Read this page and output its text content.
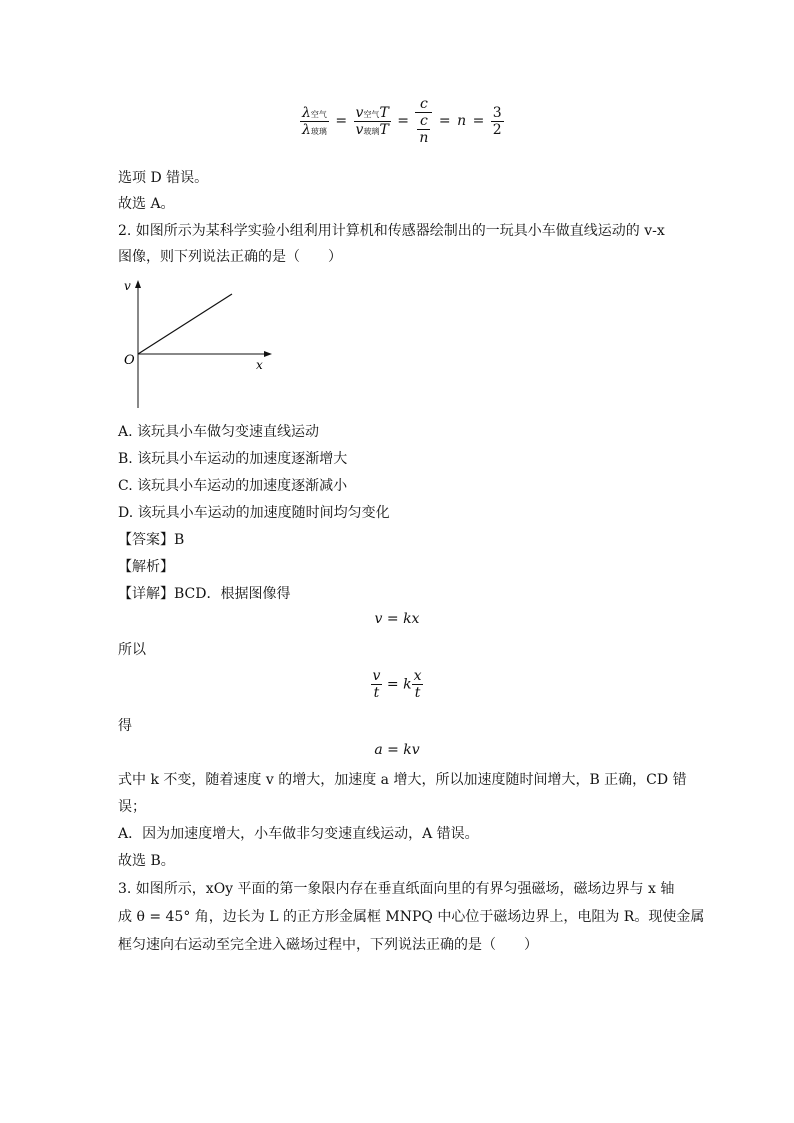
$\frac{\text{λ空气}}{\text{λ玻璃}} = \frac{\text{v空气T}}{\text{v玻璃T}} = \frac{c}{\frac{c}{n}} = n = \frac{3}{2}$
选项 D 错误。
故选 A。
2. 如图所示为某科学实验小组利用计算机和传感器绘制出的一玩具小车做直线运动的 v-x
图像，则下列说法正确的是（　　）
v
x
O
A. 该玩具小车做匀变速直线运动
B. 该玩具小车运动的加速度逐渐增大
C. 该玩具小车运动的加速度逐渐减小
D. 该玩具小车运动的加速度随时间均匀变化
【答案】B
【解析】
【详解】BCD．根据图像得
v = kx
所以
$\frac{v}{t} = k \frac{x}{t}$
得
a = kv
式中 k 不变，随着速度 v 的增大，加速度 a 增大，所以加速度随时间增大，B 正确，CD 错
误；
A．因为加速度增大，小车做非匀变速直线运动，A 错误。
故选 B。
3. 如图所示，xOy 平面的第一象限内存在垂直纸面向里的有界匀强磁场，磁场边界与 x 轴
成 θ = 45° 角，边长为 L 的正方形金属框 MNPQ 中心位于磁场边界上，电阻为 R。现使金属
框匀速向右运动至完全进入磁场过程中，下列说法正确的是（　　）
